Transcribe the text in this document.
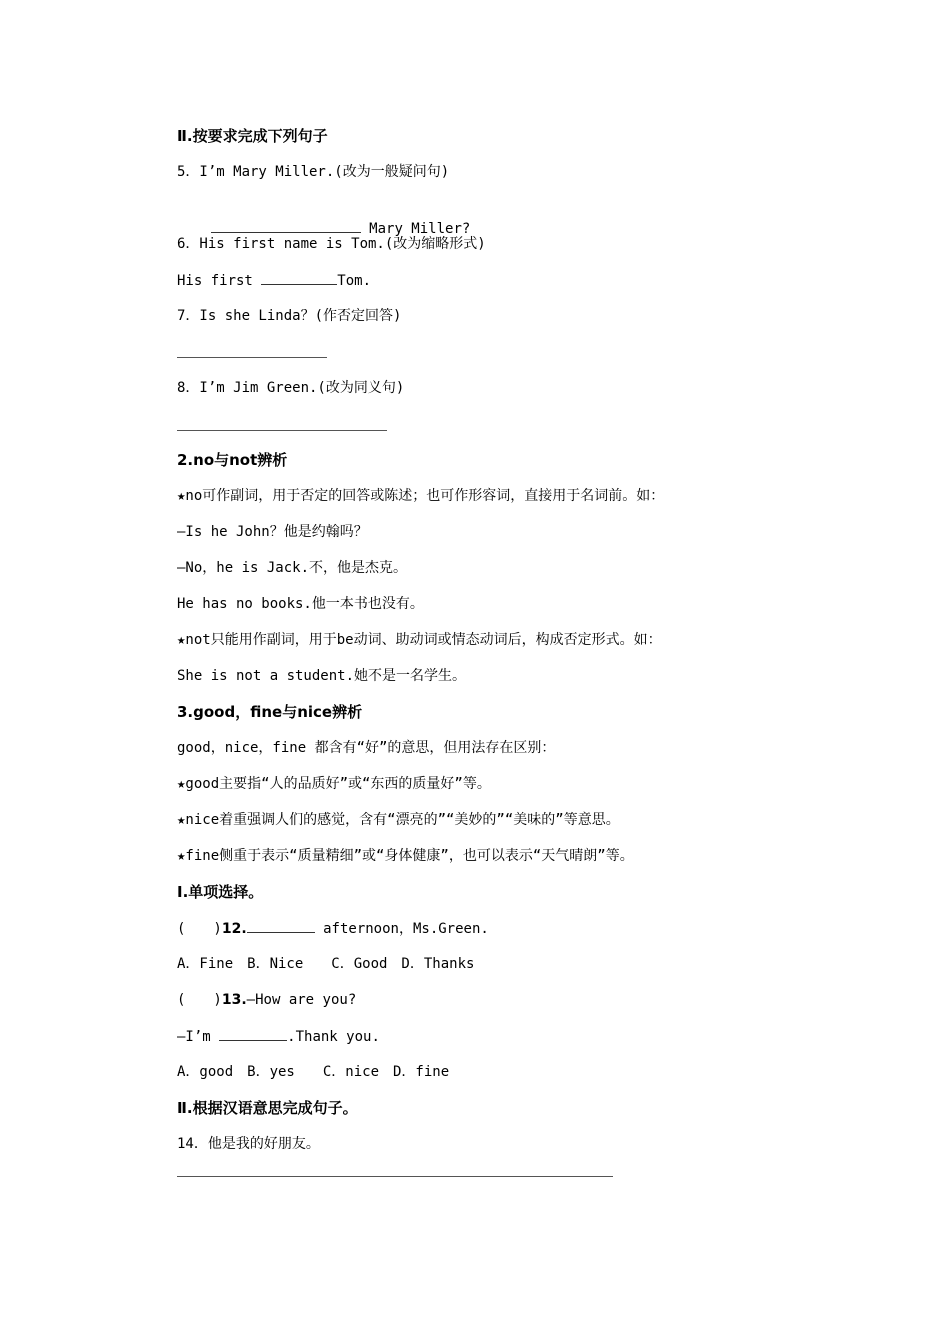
Ⅱ.按要求完成下列句子
5．I’m Mary Miller.(改为一般疑问句)

Mary Miller?

6．His first name is Tom.(改为缩略形式)
His first	Tom.
7．Is she Linda？(作否定回答)
8．I’m Jim Green.(改为同义句)
2.no与not辨析
★no可作副词，用于否定的回答或陈述；也可作形容词，直接用于名词前。如：
—Is he John？他是约翰吗？
—No，he is Jack.不，他是杰克。
He has no books.他一本书也没有。
★not只能用作副词，用于be动词、助动词或情态动词后，构成否定形式。如：
She is not a student.她不是一名学生。
3.good，fine与nice辨析
good，nice，fine 都含有“好”的意思，但用法存在区别：
★good主要指“人的品质好”或“东西的质量好”等。
★nice着重强调人们的感觉，含有“漂亮的”“美妙的”“美味的”等意思。
★fine侧重于表示“质量精细”或“身体健康”，也可以表示“天气晴朗”等。
Ⅰ.单项选择。
(　　)12.	afternoon，Ms.Green.
A．Fine　B．Nice　　C．Good　D．Thanks
(　　)13.—How are you?
—I’m	.Thank you.
A．good　B．yes　　C．nice　D．fine
Ⅱ.根据汉语意思完成句子。
14．他是我的好朋友。
